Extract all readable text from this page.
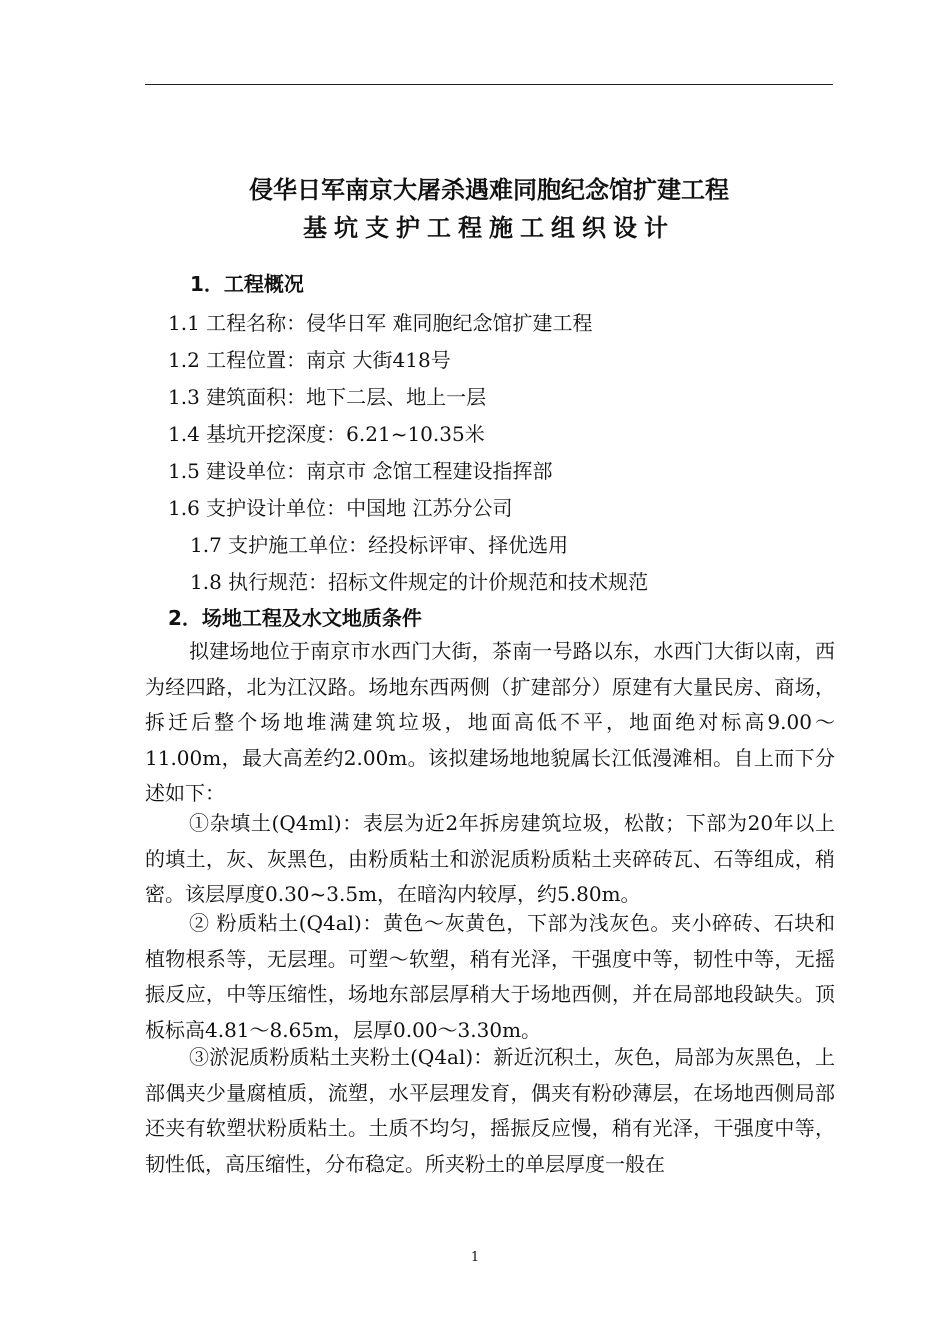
侵华日军南京大屠杀遇难同胞纪念馆扩建工程
基坑支护工程施工组织设计
1．工程概况
1.1 工程名称：侵华日军 难同胞纪念馆扩建工程
1.2 工程位置：南京 大街418号
1.3 建筑面积：地下二层、地上一层
1.4 基坑开挖深度：6.21~10.35米
1.5 建设单位：南京市 念馆工程建设指挥部
1.6 支护设计单位：中国地 江苏分公司
1.7 支护施工单位：经投标评审、择优选用
1.8 执行规范：招标文件规定的计价规范和技术规范
2．场地工程及水文地质条件
拟建场地位于南京市水西门大街，茶南一号路以东，水西门大街以南，西为经四路，北为江汉路。场地东西两侧（扩建部分）原建有大量民房、商场，拆迁后整个场地堆满建筑垃圾，地面高低不平，地面绝对标高9.00～11.00m，最大高差约2.00m。该拟建场地地貌属长江低漫滩相。自上而下分述如下：
①杂填土(Q4ml)：表层为近2年拆房建筑垃圾，松散；下部为20年以上的填土，灰、灰黑色，由粉质粘土和淤泥质粉质粘土夹碎砖瓦、石等组成，稍密。该层厚度0.30~3.5m，在暗沟内较厚，约5.80m。
② 粉质粘土(Q4al)：黄色～灰黄色，下部为浅灰色。夹小碎砖、石块和植物根系等，无层理。可塑～软塑，稍有光泽，干强度中等，韧性中等，无摇振反应，中等压缩性，场地东部层厚稍大于场地西侧，并在局部地段缺失。顶板标高4.81～8.65m，层厚0.00～3.30m。
③淤泥质粉质粘土夹粉土(Q4al)：新近沉积土，灰色，局部为灰黑色，上部偶夹少量腐植质，流塑，水平层理发育，偶夹有粉砂薄层，在场地西侧局部还夹有软塑状粉质粘土。土质不均匀，摇振反应慢，稍有光泽，干强度中等，韧性低，高压缩性，分布稳定。所夹粉土的单层厚度一般在
1
